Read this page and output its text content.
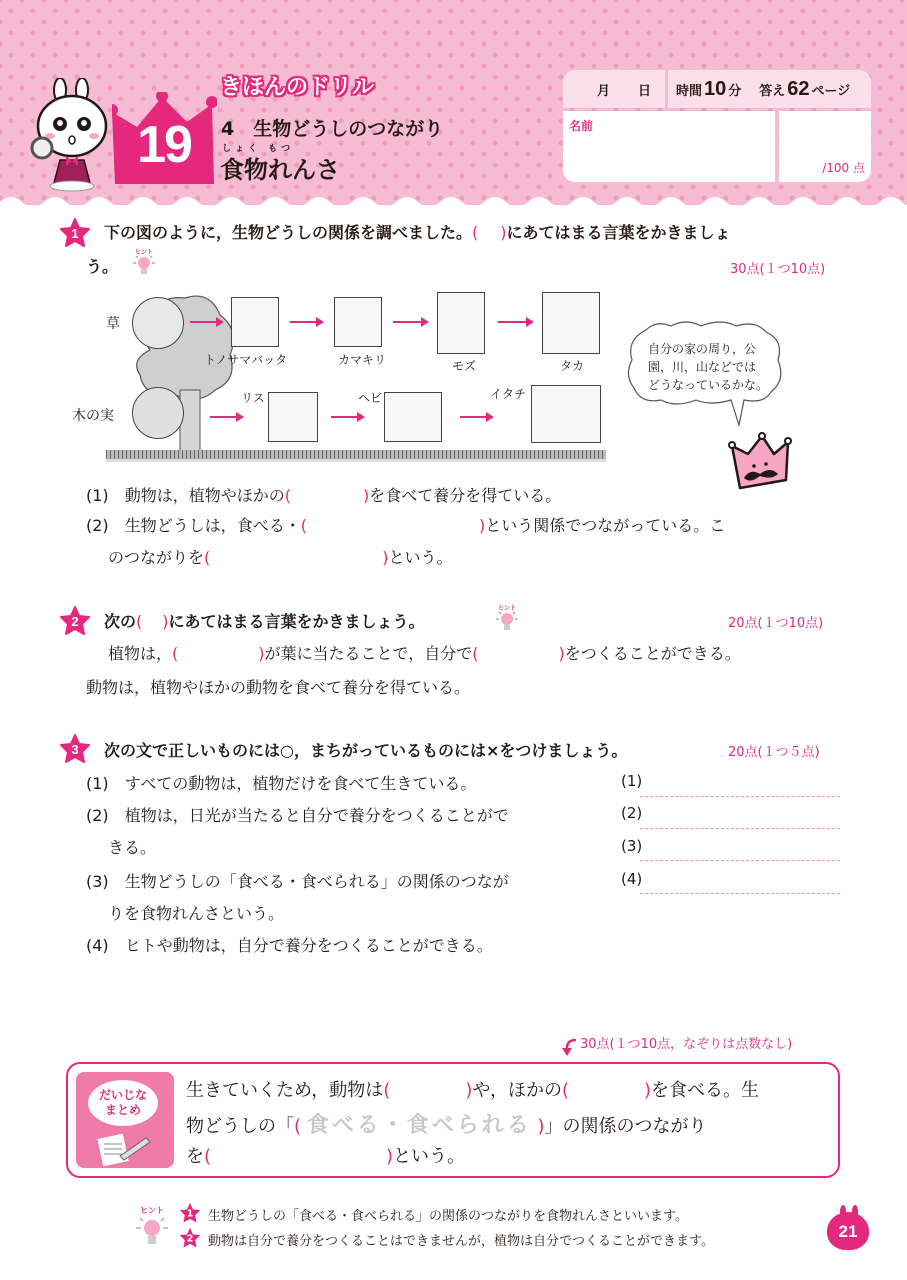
19
きほんのドリル
4　生物どうしのつながり
しょく もつ
食物れんさ
月 日 時間 10 分 答え 62 ページ
名前
/100 点
1 下の図のように，生物どうしの関係を調べました。( )にあてはまる言葉をかきましょ
う。
ヒント
30点(１つ10点)
草
木の実
トノサマバッタ	カマキリ	モズ	タカ
リス	ヘビ	イタチ
自分の家の周り，公
園，川，山などでは
どうなっているかな。
(1)　 動物は，植物やほかの(	)を食べて養分を得ている。
(2)　 生物どうしは，食べる・(	)という関係でつながっている。こ
のつながりを(	)という。
2 次の( )にあてはまる言葉をかきましょう。
ヒント
20点(１つ10点)
植物は，(	)が葉に当たることで，自分で(	)をつくることができる。
動物は，植物やほかの動物を食べて養分を得ている。
3 次の文で正しいものには○，まちがっているものには×をつけましょう。	20点(１つ５点)
(1)　 すべての動物は，植物だけを食べて生きている。
(2)　 植物は，日光が当たると自分で養分をつくることがで
きる。
(3)　 生物どうしの「食べる・食べられる」の関係のつなが
りを食物れんさという。
(4)　 ヒトや動物は，自分で養分をつくることができる。
(1)
(2)
(3)
(4)
30点(１つ10点，なぞりは点数なし)
だいじな
まとめ
生きていくため，動物は(	)や，ほかの(	)を食べる。生
物どうしの「( 食べる・食べられる )」の関係のつながり
を(	)という。
ヒント 1 生物どうしの「食べる・食べられる」の関係のつながりを食物れんさといいます。
2 動物は自分で養分をつくることはできませんが，植物は自分でつくることができます。
21
